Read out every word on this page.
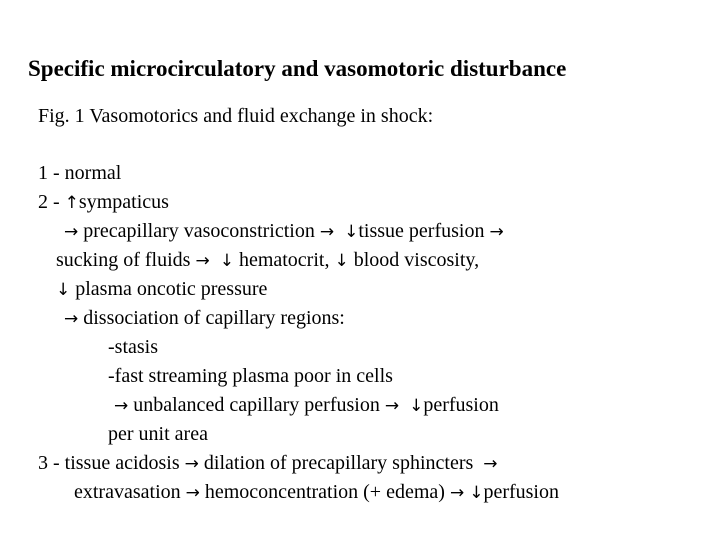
Specific microcirculatory and vasomotoric disturbance
Fig. 1 Vasomotorics and fluid exchange in shock:
1 - normal
2 - ↑sympaticus
→ precapillary vasoconstriction → ↓tissue perfusion →
sucking of fluids → ↓ hematocrit, ↓ blood viscosity,
↓ plasma oncotic pressure
→ dissociation of capillary regions:
-stasis
-fast streaming plasma poor in cells
→ unbalanced capillary perfusion → ↓perfusion
per unit area
3 - tissue acidosis → dilation of precapillary sphincters  →
extravasation → hemoconcentration (+ edema) → ↓perfusion
